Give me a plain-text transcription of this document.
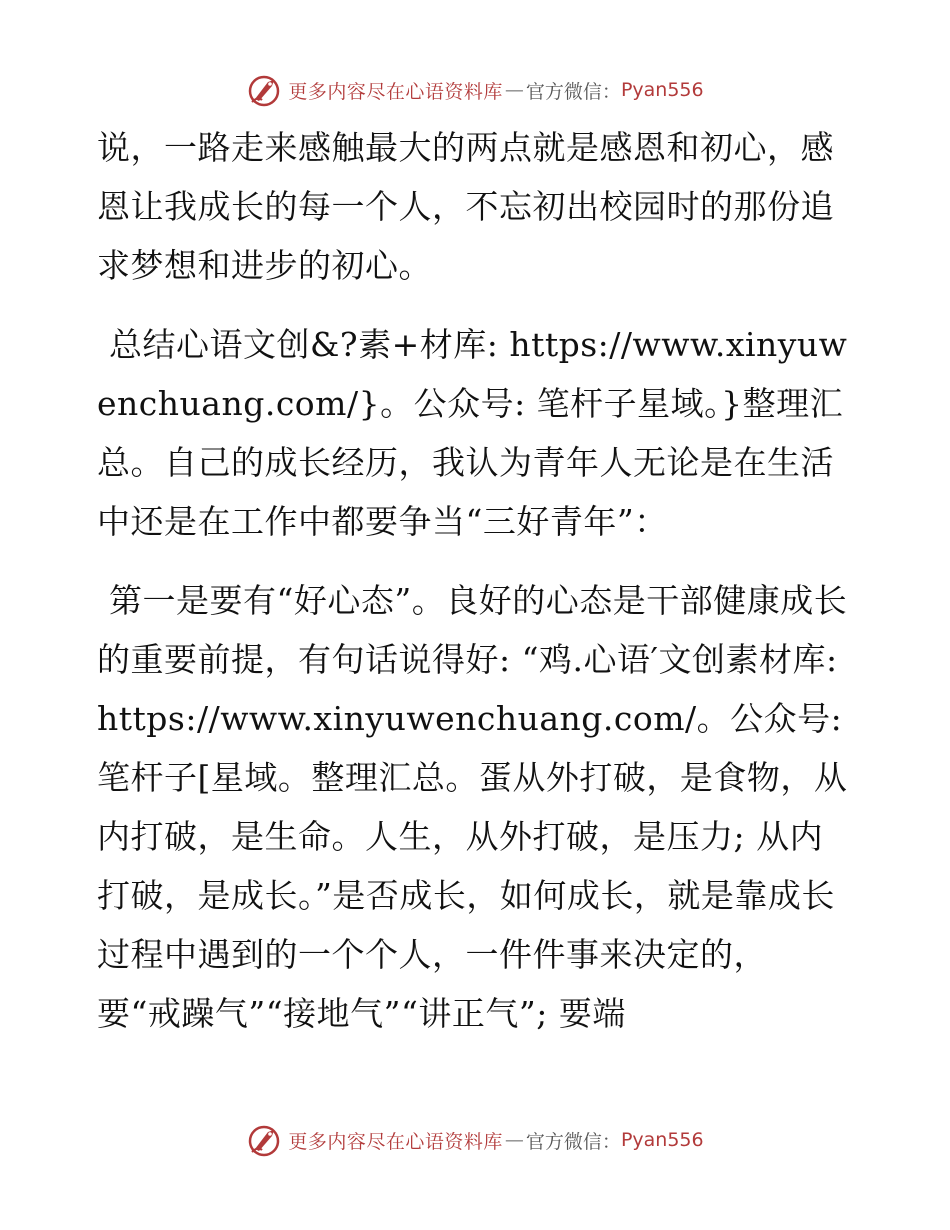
更多内容尽在心语资料库 — 官方微信： Pyan556

说，一路走来感触最大的两点就是感恩和初心，感恩让我成长的每一个人，不忘初出校园时的那份追求梦想和进步的初心。

总结心语文创&?素+材库: https://www.xinyuwenchuang.com/}。公众号: 笔杆子星域。}整理汇总。自己的成长经历，我认为青年人无论是在生活中还是在工作中都要争当“三好青年”：

第一是要有“好心态”。良好的心态是干部健康成长的重要前提，有句话说得好: “鸡.心语′文创素材库: https://www.xinyuwenchuang.com/。公众号: 笔杆子[星域。整理汇总。蛋从外打破，是食物，从内打破，是生命。人生，从外打破，是压力; 从内打破，是成长。”是否成长，如何成长，就是靠成长过程中遇到的一个个人，一件件事来决定的，要“戒躁气”“接地气”“讲正气”; 要端

更多内容尽在心语资料库 — 官方微信： Pyan556
